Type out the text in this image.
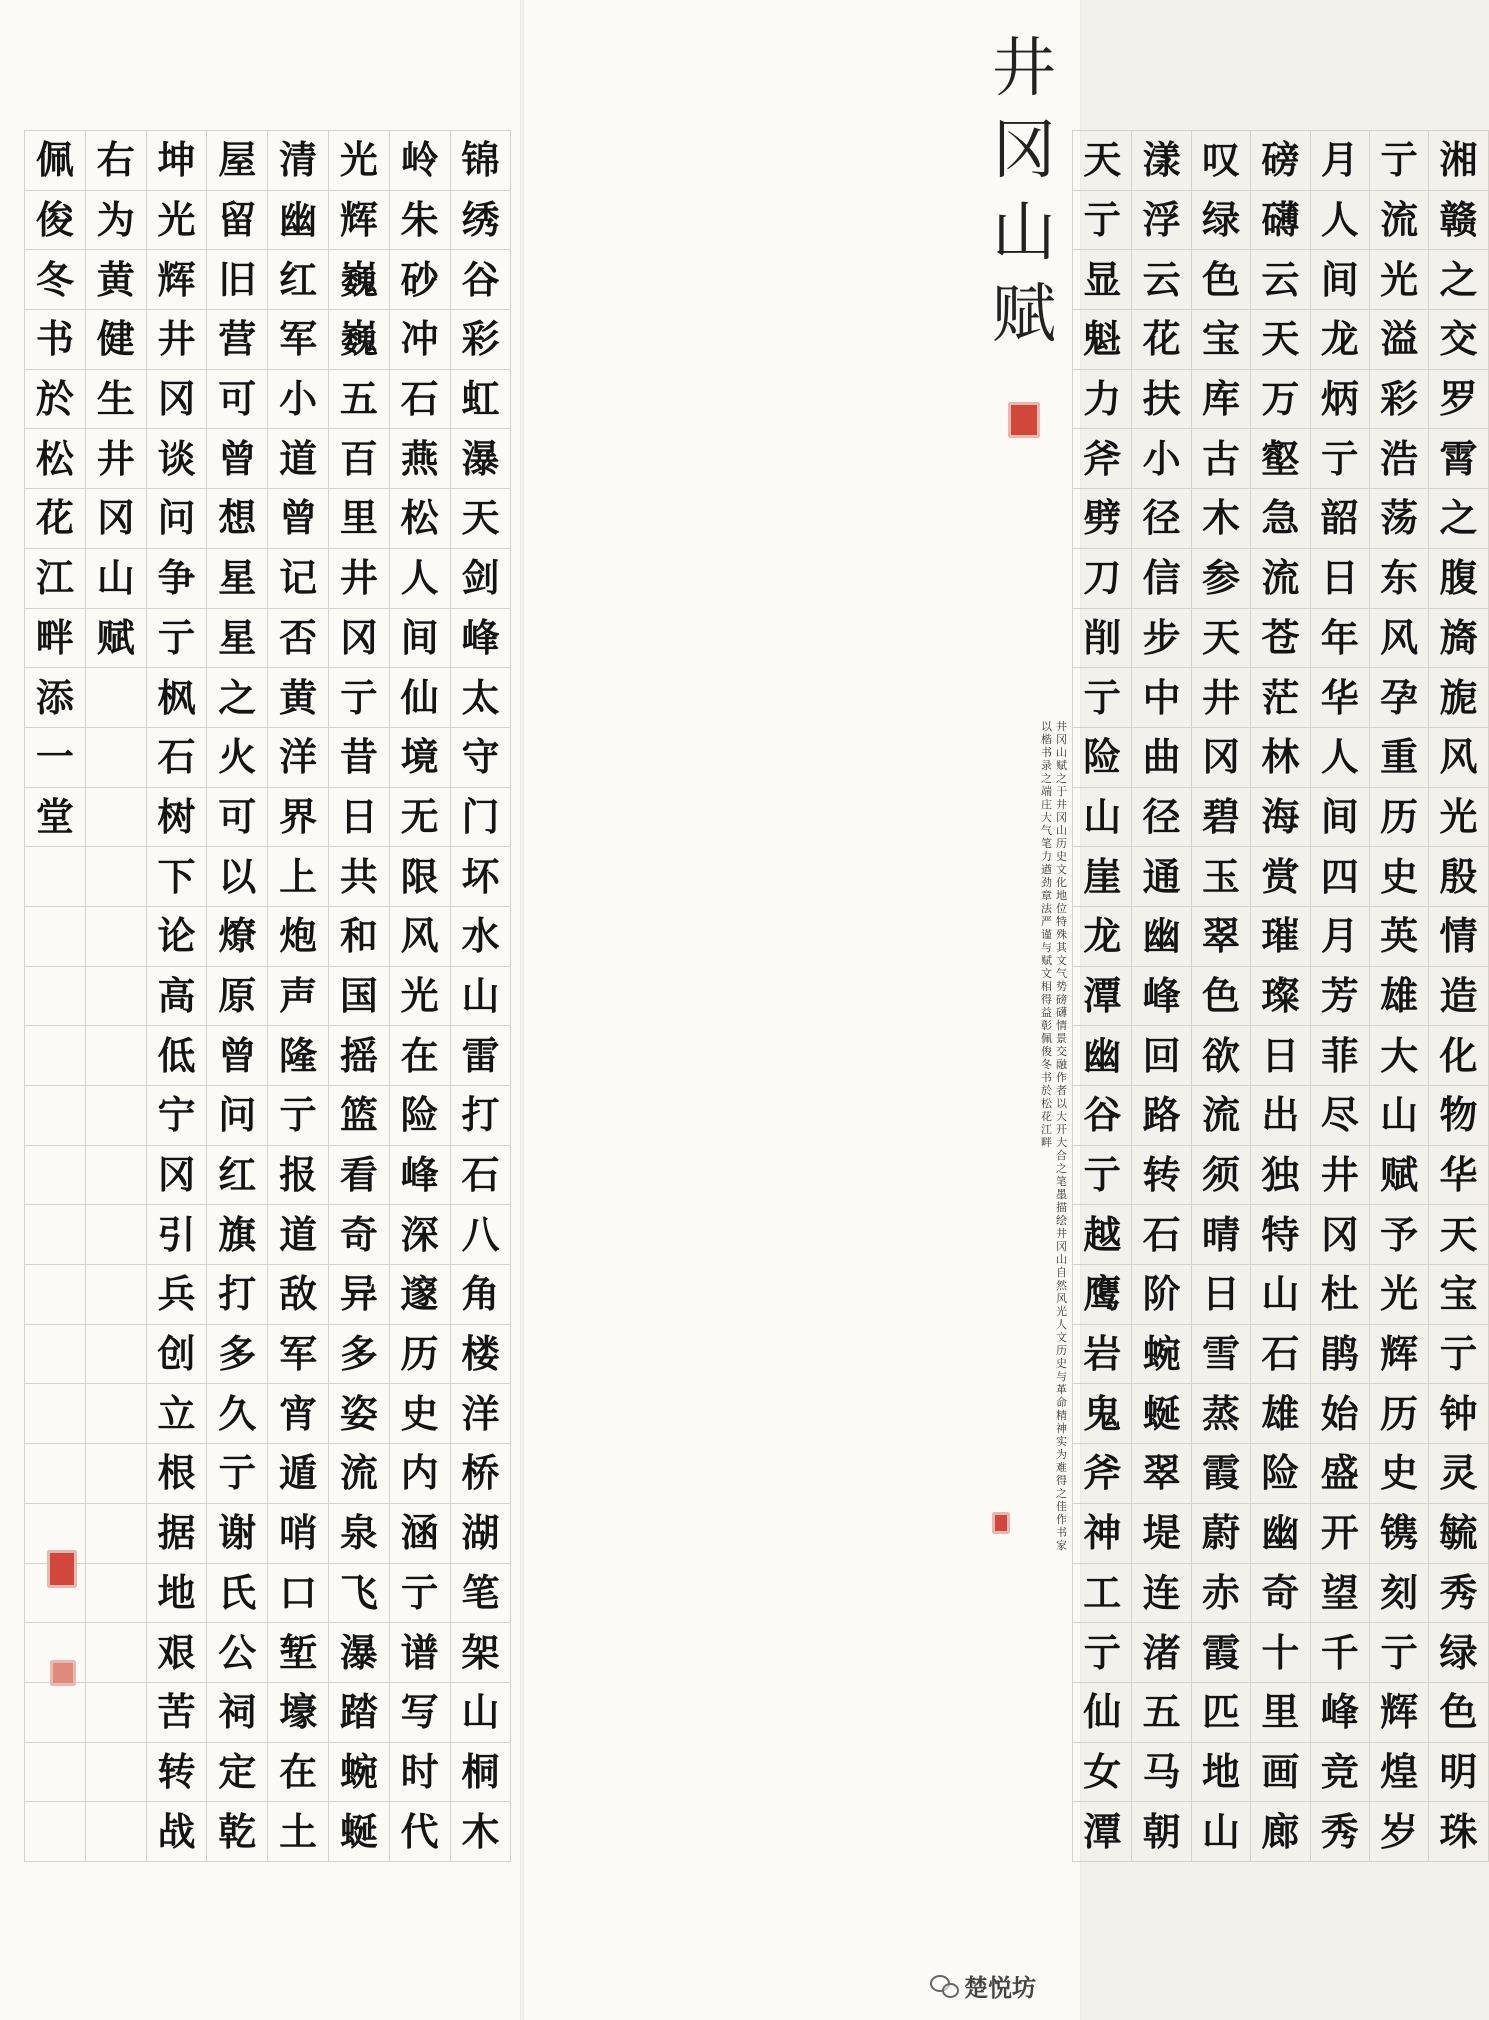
锦
绣
谷
彩
虹
瀑
天
剑
峰
太
守
门
坏
水
山
雷
打
石
八
角
楼
洋
桥
湖
笔
架
山
桐
木
岭
朱
砂
冲
石
燕
松
人
间
仙
境
无
限
风
光
在
险
峰
深
邃
历
史
内
涵
亍
谱
写
时
代
光
辉
巍
巍
五
百
里
井
冈
亍
昔
日
共
和
国
摇
篮
看
奇
异
多
姿
流
泉
飞
瀑
踏
蜿
蜒
清
幽
红
军
小
道
曾
记
否
黄
洋
界
上
炮
声
隆
亍
报
道
敌
军
宵
遁
哨
口
堑
壕
在
土
屋
留
旧
营
可
曾
想
星
星
之
火
可
以
燎
原
曾
问
红
旗
打
多
久
亍
谢
氏
公
祠
定
乾
坤
光
辉
井
冈
谈
问
争
亍
枫
石
树
下
论
高
低
宁
冈
引
兵
创
立
根
据
地
艰
苦
转
战
右
为
黄
健
生
井
冈
山
赋
佩
俊
冬
书
於
松
花
江
畔
添
一
堂
湘
赣
之
交
罗
霄
之
腹
旖
旎
风
光
殷
情
造
化
物
华
天
宝
亍
钟
灵
毓
秀
绿
色
明
珠
亍
流
光
溢
彩
浩
荡
东
风
孕
重
历
史
英
雄
大
山
赋
予
光
辉
历
史
镌
刻
亍
辉
煌
岁
月
人
间
龙
炳
亍
韶
日
年
华
人
间
四
月
芳
菲
尽
井
冈
杜
鹃
始
盛
开
望
千
峰
竞
秀
磅
礴
云
天
万
壑
急
流
苍
茫
林
海
赏
璀
璨
日
出
独
特
山
石
雄
险
幽
奇
十
里
画
廊
叹
绿
色
宝
库
古
木
参
天
井
冈
碧
玉
翠
色
欲
流
须
晴
日
雪
蒸
霞
蔚
赤
霞
匹
地
山
漾
浮
云
花
扶
小
径
信
步
中
曲
径
通
幽
峰
回
路
转
石
阶
蜿
蜒
翠
堤
连
渚
五
马
朝
天
亍
显
魁
力
斧
劈
刀
削
亍
险
山
崖
龙
潭
幽
谷
亍
越
鹰
岩
鬼
斧
神
工
亍
仙
女
潭
井
冈
山
赋
井冈山赋之于井冈山历史文化地位特殊其文气势磅礴情景交融作者以大开大合之笔墨描绘井冈山自然风光人文历史与革命精神实为难得之佳作书家
以楷书录之端庄大气笔力遒劲章法严谨与赋文相得益彰佩俊冬书於松花江畔
楚悦坊
